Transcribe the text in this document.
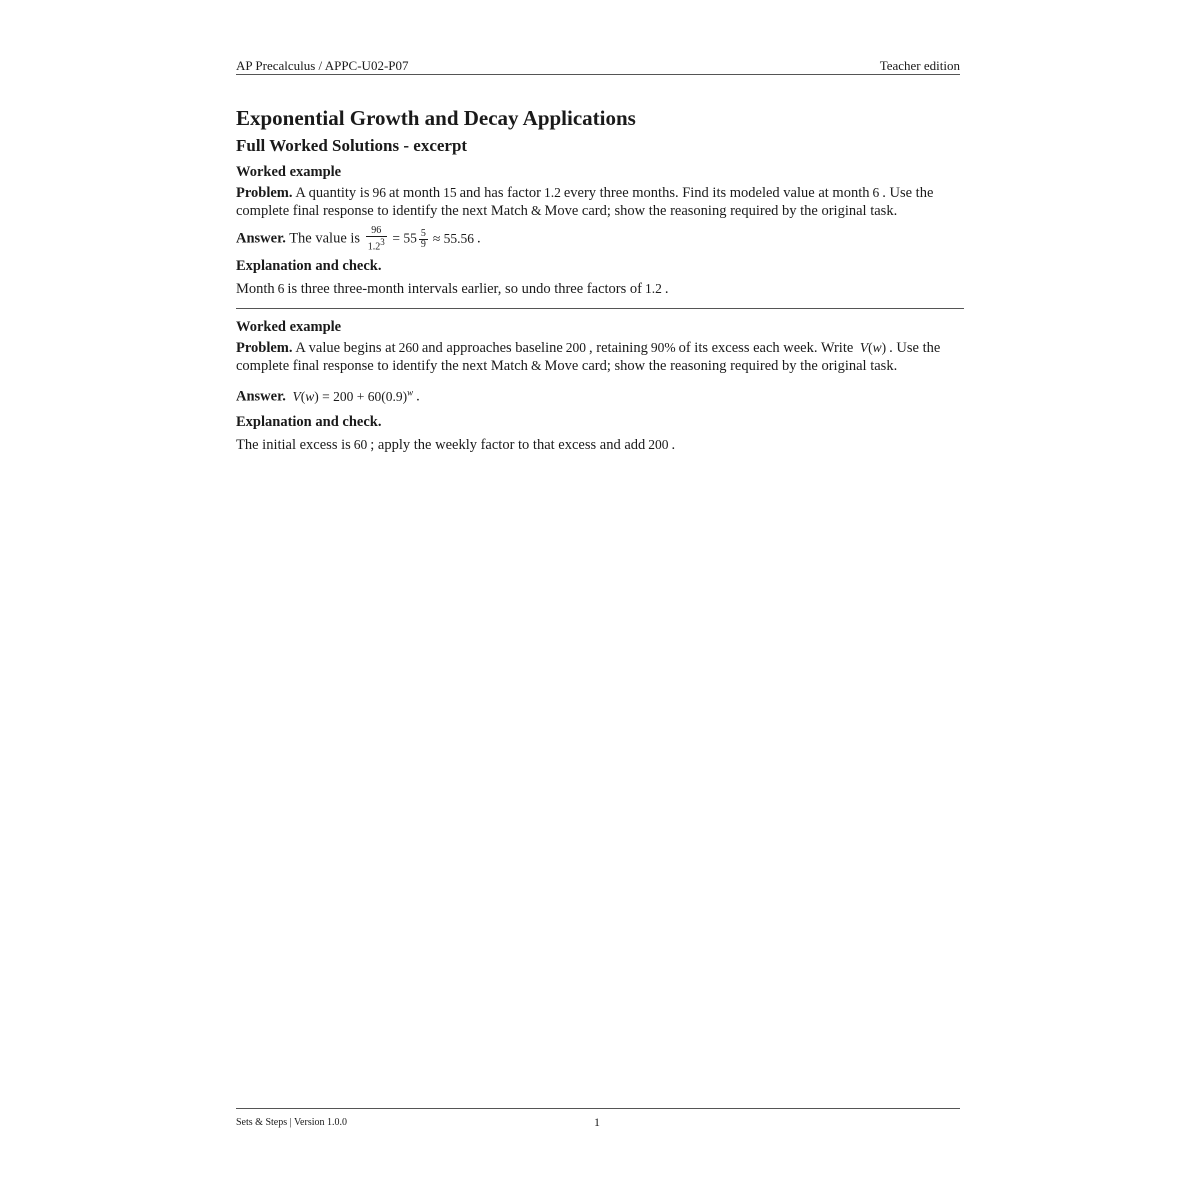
AP Precalculus / APPC-U02-P07	Teacher edition
Exponential Growth and Decay Applications
Full Worked Solutions - excerpt

Worked example

Problem. A quantity is 96 at month 15 and has factor 1.2 every three months. Find its modeled value at month 6 . Use the complete final response to identify the next Match & Move card; show the reasoning required by the original task.

Answer. The value is $\frac{96}{1.2^3} = 55 \frac{5}{9} \approx 55.56$ .

Explanation and check.

Month 6 is three three-month intervals earlier, so undo three factors of 1.2 .

Worked example

Problem. A value begins at 260 and approaches baseline 200 , retaining 90% of its excess each week. Write V(w) . Use the complete final response to identify the next Match & Move card; show the reasoning required by the original task.

Answer. $V(w) = 200 + 60(0.9)^w$ .

Explanation and check.

The initial excess is 60 ; apply the weekly factor to that excess and add 200 .

Sets & Steps | Version 1.0.0	1
